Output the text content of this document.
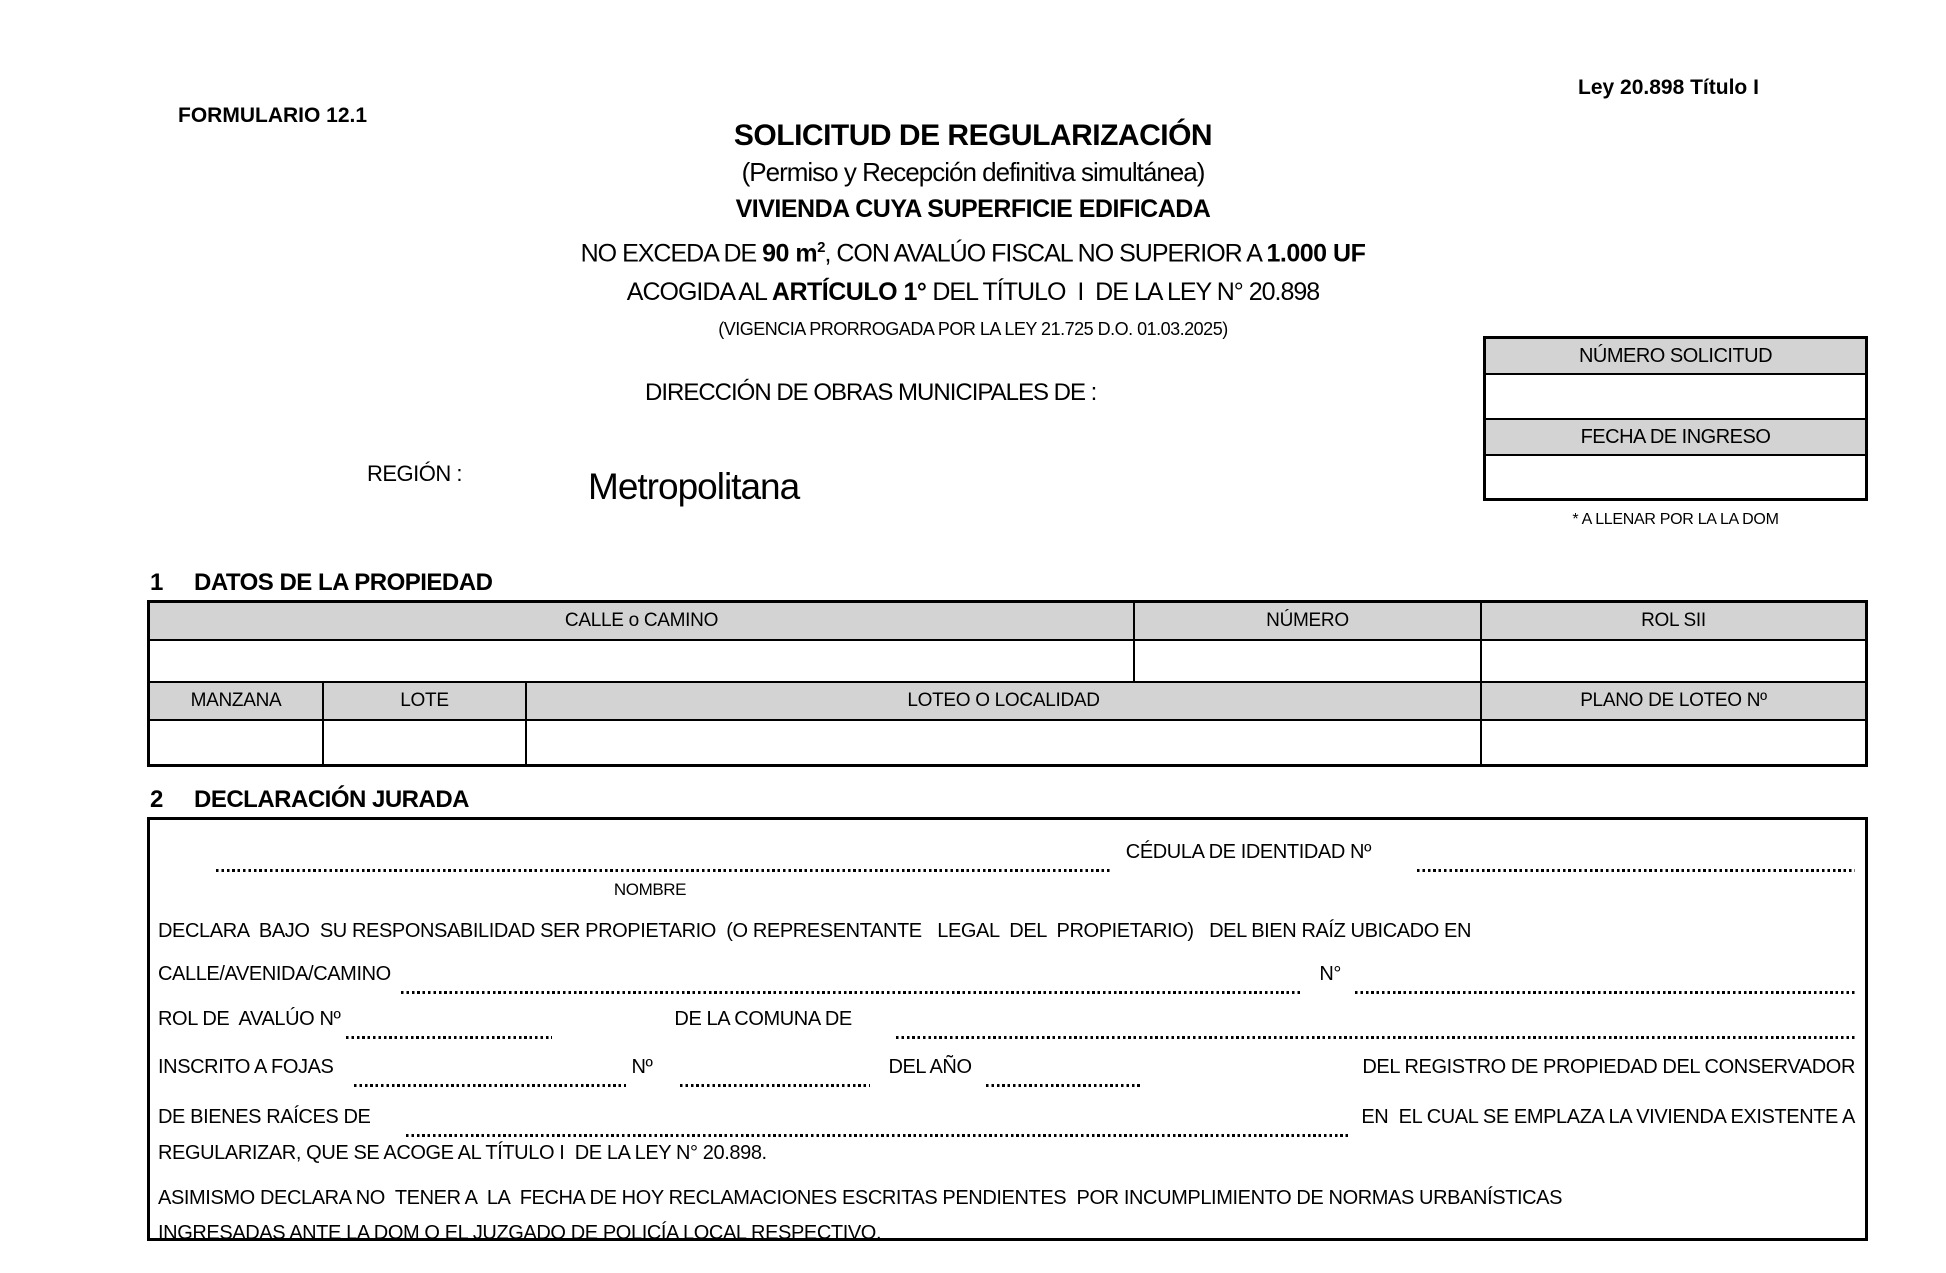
FORMULARIO 12.1
Ley 20.898 Título I
SOLICITUD DE REGULARIZACIÓN
(Permiso y Recepción definitiva simultánea)
VIVIENDA CUYA SUPERFICIE EDIFICADA
NO EXCEDA DE 90 $m^2$, CON AVALÚO FISCAL NO SUPERIOR A 1.000 UF
ACOGIDA AL ARTÍCULO 1° DEL TÍTULO  I  DE LA LEY N° 20.898
(VIGENCIA PRORROGADA POR LA LEY 21.725 D.O. 01.03.2025)
DIRECCIÓN DE OBRAS MUNICIPALES DE :
NÚMERO SOLICITUD
FECHA DE INGRESO
* A LLENAR POR LA LA DOM
REGIÓN :	Metropolitana
1 DATOS DE LA PROPIEDAD
CALLE o CAMINO	NÚMERO	ROL SII
MANZANA	LOTE	LOTEO O LOCALIDAD	PLANO DE LOTEO Nº
2 DECLARACIÓN JURADA
CÉDULA DE IDENTIDAD Nº
NOMBRE
DECLARA  BAJO  SU RESPONSABILIDAD SER PROPIETARIO  (O REPRESENTANTE   LEGAL  DEL  PROPIETARIO)   DEL BIEN RAÍZ UBICADO EN
CALLE/AVENIDA/CAMINO	N°
ROL DE  AVALÚO Nº	DE LA COMUNA DE
INSCRITO A FOJAS	Nº	DEL AÑO	DEL REGISTRO DE PROPIEDAD DEL CONSERVADOR
DE BIENES RAÍCES DE	EN  EL CUAL SE EMPLAZA LA VIVIENDA EXISTENTE A
REGULARIZAR, QUE SE ACOGE AL TÍTULO I  DE LA LEY N° 20.898.
ASIMISMO DECLARA NO  TENER A  LA  FECHA DE HOY RECLAMACIONES ESCRITAS PENDIENTES  POR INCUMPLIMIENTO DE NORMAS URBANÍSTICAS
INGRESADAS ANTE LA DOM O EL JUZGADO DE POLICÍA LOCAL RESPECTIVO.
